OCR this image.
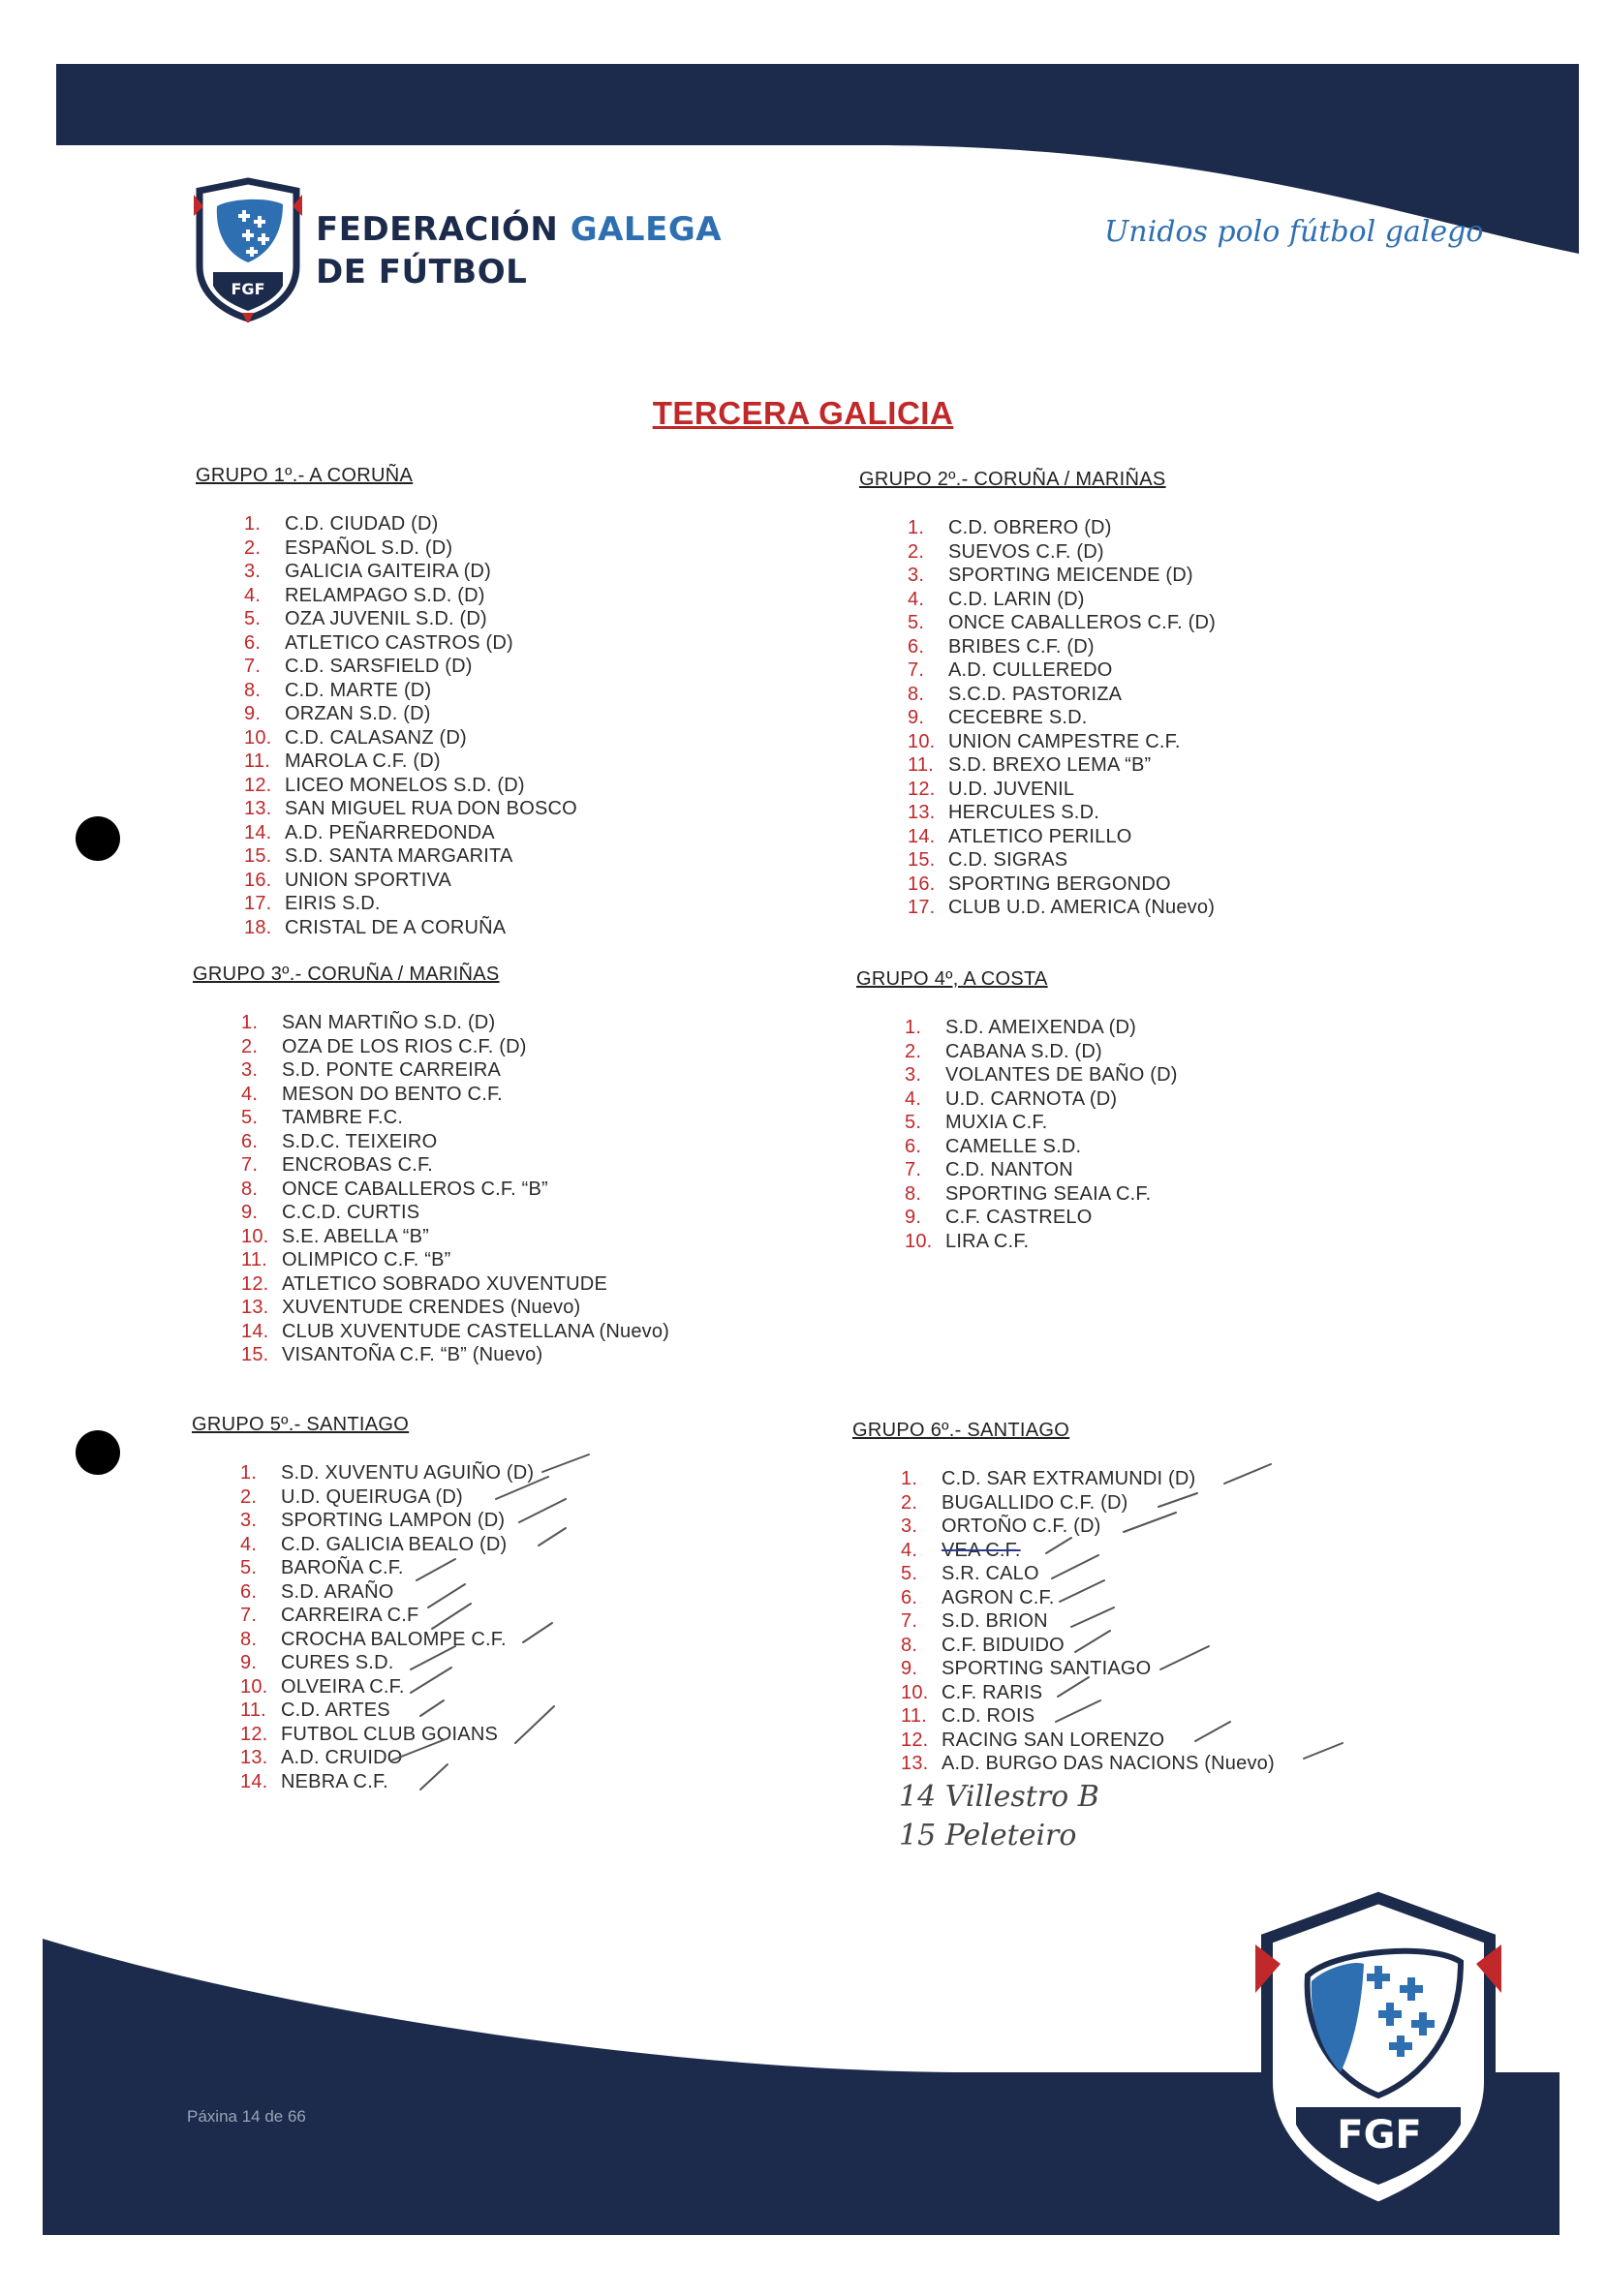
FGF
FEDERACIÓN GALEGA
DE FÚTBOL
Unidos polo fútbol galego
TERCERA GALICIA
GRUPO 1º.- A CORUÑA
1. C.D. CIUDAD (D)
2. ESPAÑOL S.D. (D)
3. GALICIA GAITEIRA (D)
4. RELAMPAGO S.D. (D)
5. OZA JUVENIL S.D. (D)
6. ATLETICO CASTROS (D)
7. C.D. SARSFIELD (D)
8. C.D. MARTE (D)
9. ORZAN S.D. (D)
10. C.D. CALASANZ (D)
11. MAROLA C.F. (D)
12. LICEO MONELOS S.D. (D)
13. SAN MIGUEL RUA DON BOSCO
14. A.D. PEÑARREDONDA
15. S.D. SANTA MARGARITA
16. UNION SPORTIVA
17. EIRIS S.D.
18. CRISTAL DE A CORUÑA
GRUPO 2º.- CORUÑA / MARIÑAS
1. C.D. OBRERO (D)
2. SUEVOS C.F. (D)
3. SPORTING MEICENDE (D)
4. C.D. LARIN (D)
5. ONCE CABALLEROS C.F. (D)
6. BRIBES C.F. (D)
7. A.D. CULLEREDO
8. S.C.D. PASTORIZA
9. CECEBRE S.D.
10. UNION CAMPESTRE C.F.
11. S.D. BREXO LEMA “B”
12. U.D. JUVENIL
13. HERCULES S.D.
14. ATLETICO PERILLO
15. C.D. SIGRAS
16. SPORTING BERGONDO
17. CLUB U.D. AMERICA (Nuevo)
GRUPO 3º.- CORUÑA / MARIÑAS
1. SAN MARTIÑO S.D. (D)
2. OZA DE LOS RIOS C.F. (D)
3. S.D. PONTE CARREIRA
4. MESON DO BENTO C.F.
5. TAMBRE F.C.
6. S.D.C. TEIXEIRO
7. ENCROBAS C.F.
8. ONCE CABALLEROS C.F. “B”
9. C.C.D. CURTIS
10. S.E. ABELLA “B”
11. OLIMPICO C.F. “B”
12. ATLETICO SOBRADO XUVENTUDE
13. XUVENTUDE CRENDES (Nuevo)
14. CLUB XUVENTUDE CASTELLANA (Nuevo)
15. VISANTOÑA C.F. “B” (Nuevo)
GRUPO 4º, A COSTA
1. S.D. AMEIXENDA (D)
2. CABANA S.D. (D)
3. VOLANTES DE BAÑO (D)
4. U.D. CARNOTA (D)
5. MUXIA C.F.
6. CAMELLE S.D.
7. C.D. NANTON
8. SPORTING SEAIA C.F.
9. C.F. CASTRELO
10. LIRA C.F.
GRUPO 5º.- SANTIAGO
1. S.D. XUVENTU AGUIÑO (D)
2. U.D. QUEIRUGA (D)
3. SPORTING LAMPON (D)
4. C.D. GALICIA BEALO (D)
5. BAROÑA C.F.
6. S.D. ARAÑO
7. CARREIRA C.F
8. CROCHA BALOMPE C.F.
9. CURES S.D.
10. OLVEIRA C.F.
11. C.D. ARTES
12. FUTBOL CLUB GOIANS
13. A.D. CRUIDO
14. NEBRA C.F.
GRUPO 6º.- SANTIAGO
1. C.D. SAR EXTRAMUNDI (D)
2. BUGALLIDO C.F. (D)
3. ORTOÑO C.F. (D)
4. VEA C.F.
5. S.R. CALO
6. AGRON C.F.
7. S.D. BRION
8. C.F. BIDUIDO
9. SPORTING SANTIAGO
10. C.F. RARIS
11. C.D. ROIS
12. RACING SAN LORENZO
13. A.D. BURGO DAS NACIONS (Nuevo)
14 Villestro B
15 Peleteiro
Páxina 14 de 66	FGF
